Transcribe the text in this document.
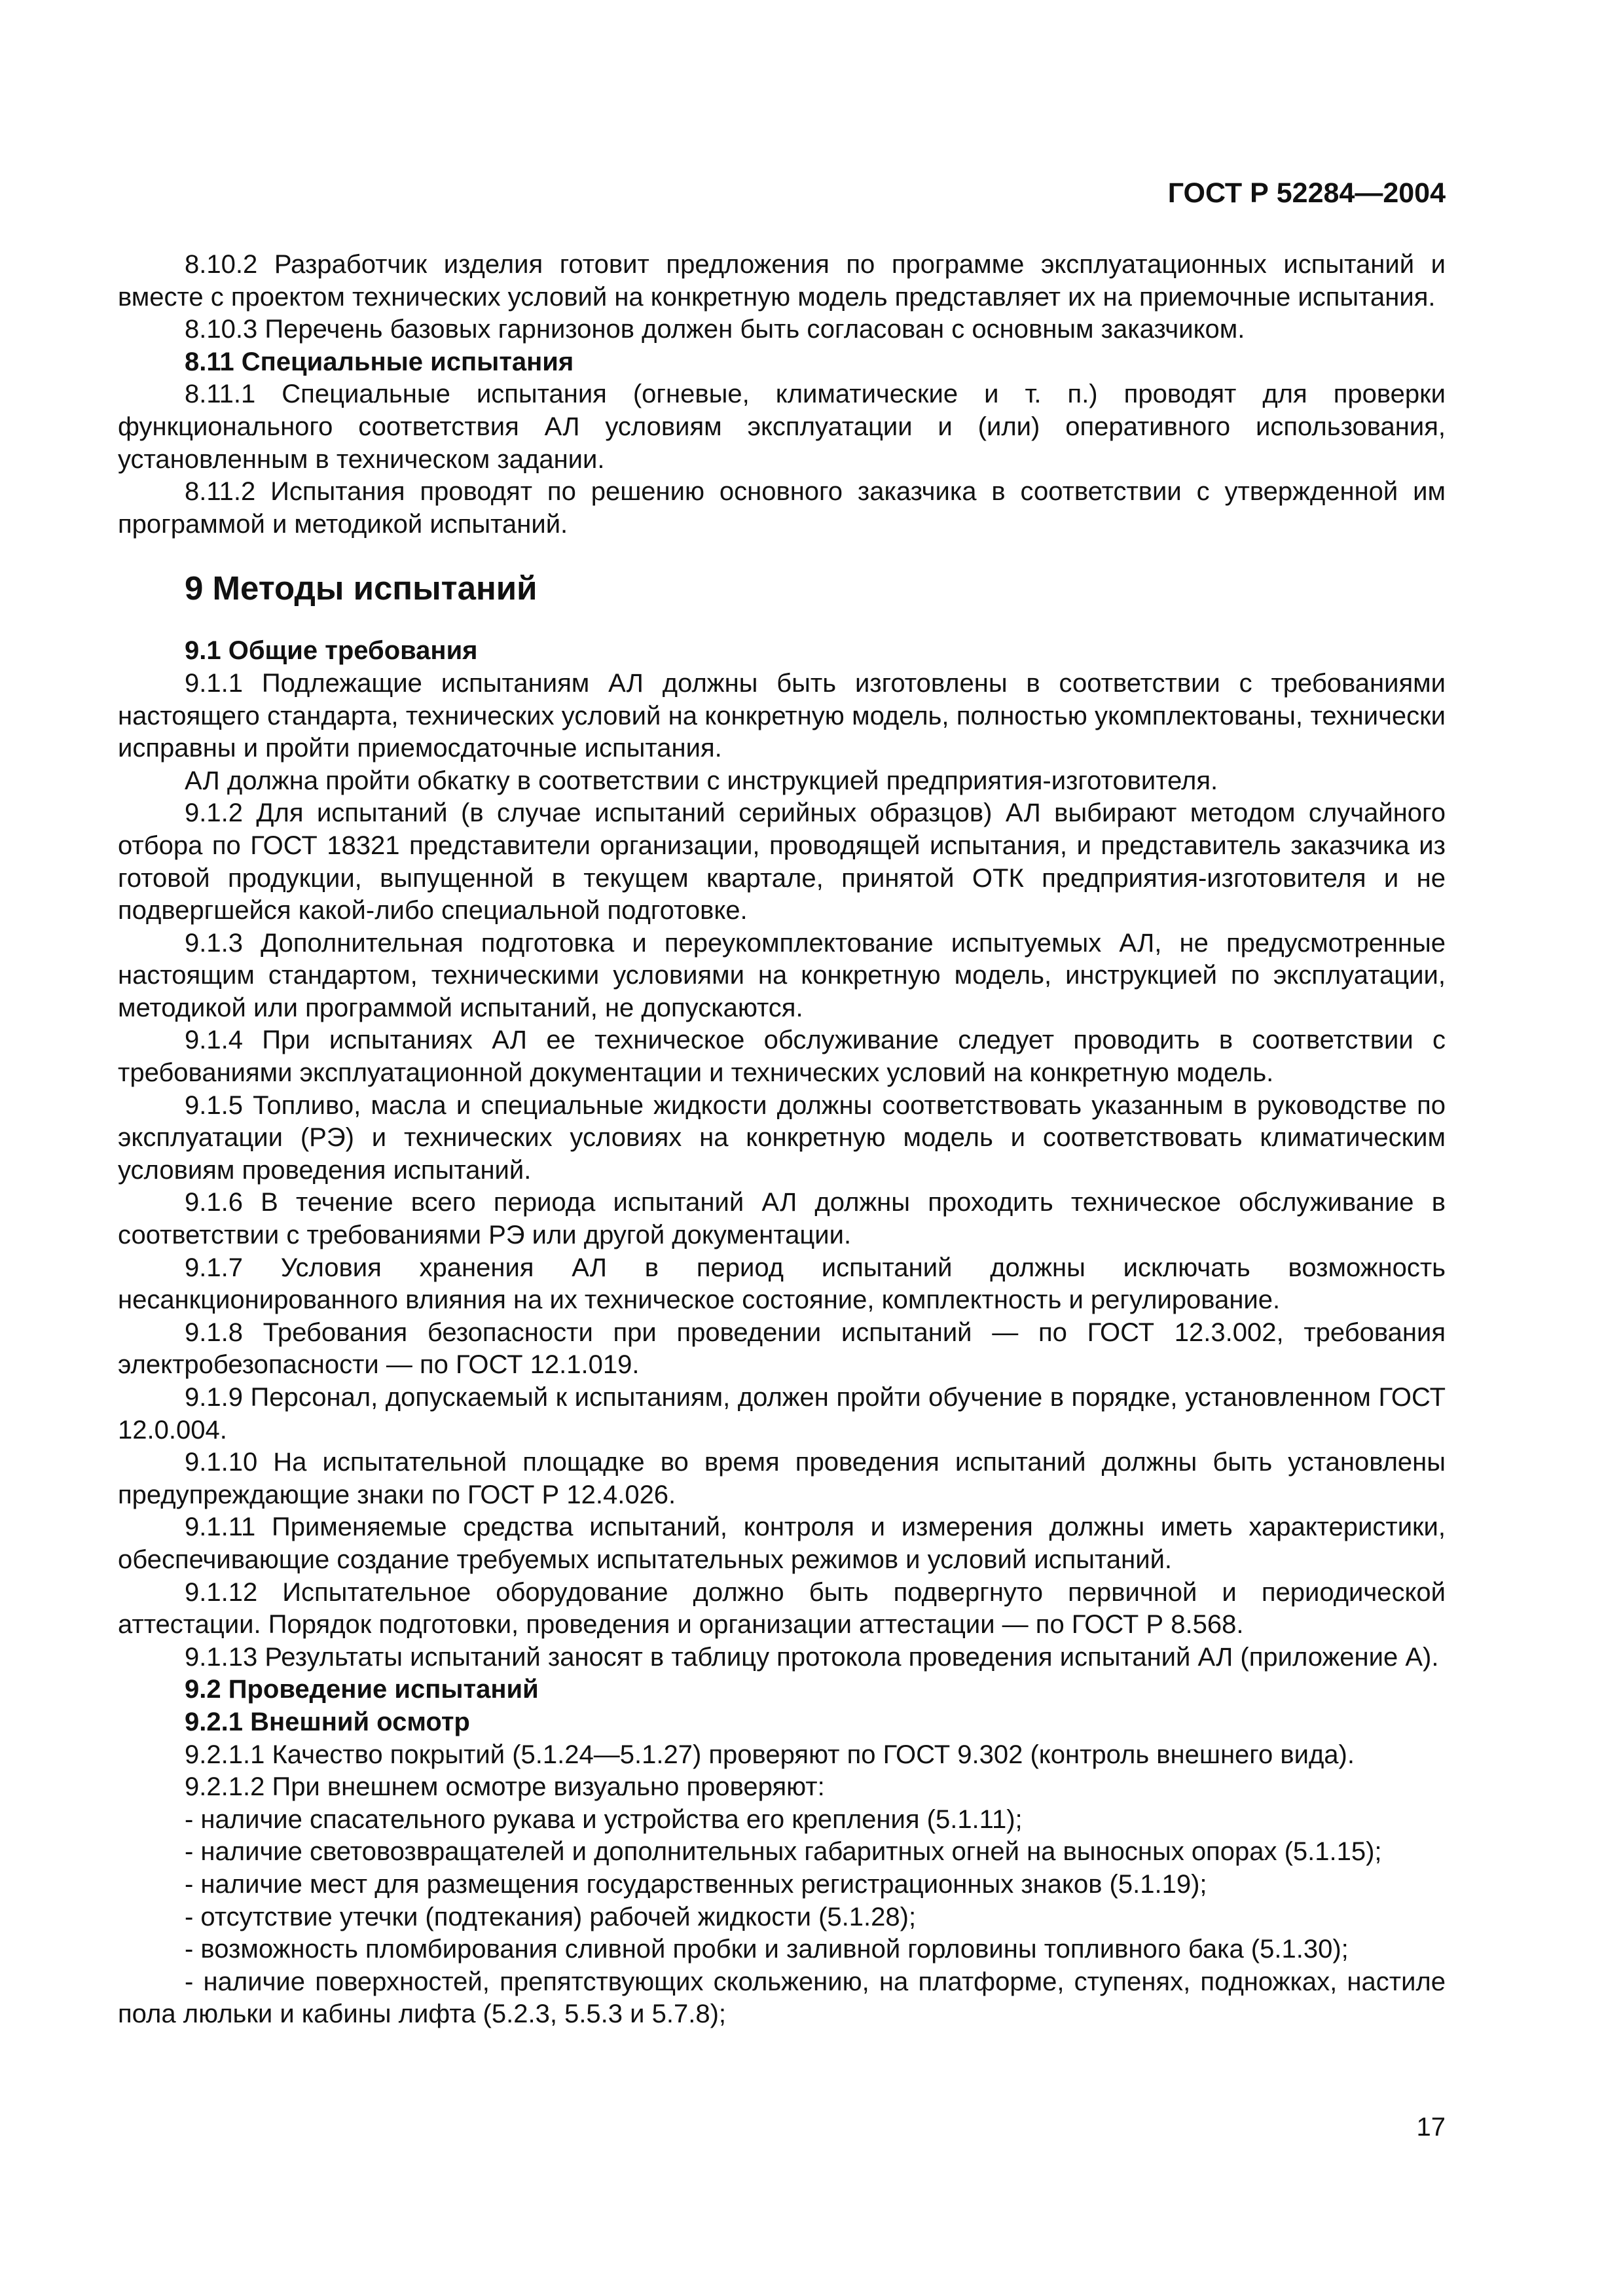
ГОСТ Р 52284—2004

8.10.2 Разработчик изделия готовит предложения по программе эксплуатационных испытаний и вместе с проектом технических условий на конкретную модель представляет их на приемочные испытания.

8.10.3 Перечень базовых гарнизонов должен быть согласован с основным заказчиком.

8.11 Специальные испытания

8.11.1 Специальные испытания (огневые, климатические и т. п.) проводят для проверки функционального соответствия АЛ условиям эксплуатации и (или) оперативного использования, установленным в техническом задании.

8.11.2 Испытания проводят по решению основного заказчика в соответствии с утвержденной им программой и методикой испытаний.

9 Методы испытаний

9.1 Общие требования

9.1.1 Подлежащие испытаниям АЛ должны быть изготовлены в соответствии с требованиями настоящего стандарта, технических условий на конкретную модель, полностью укомплектованы, технически исправны и пройти приемосдаточные испытания.

АЛ должна пройти обкатку в соответствии с инструкцией предприятия-изготовителя.

9.1.2 Для испытаний (в случае испытаний серийных образцов) АЛ выбирают методом случайного отбора по ГОСТ 18321 представители организации, проводящей испытания, и представитель заказчика из готовой продукции, выпущенной в текущем квартале, принятой ОТК предприятия-изготовителя и не подвергшейся какой-либо специальной подготовке.

9.1.3 Дополнительная подготовка и переукомплектование испытуемых АЛ, не предусмотренные настоящим стандартом, техническими условиями на конкретную модель, инструкцией по эксплуатации, методикой или программой испытаний, не допускаются.

9.1.4 При испытаниях АЛ ее техническое обслуживание следует проводить в соответствии с требованиями эксплуатационной документации и технических условий на конкретную модель.

9.1.5 Топливо, масла и специальные жидкости должны соответствовать указанным в руководстве по эксплуатации (РЭ) и технических условиях на конкретную модель и соответствовать климатическим условиям проведения испытаний.

9.1.6 В течение всего периода испытаний АЛ должны проходить техническое обслуживание в соответствии с требованиями РЭ или другой документации.

9.1.7 Условия хранения АЛ в период испытаний должны исключать возможность несанкционированного влияния на их техническое состояние, комплектность и регулирование.

9.1.8 Требования безопасности при проведении испытаний — по ГОСТ 12.3.002, требования электробезопасности — по ГОСТ 12.1.019.

9.1.9 Персонал, допускаемый к испытаниям, должен пройти обучение в порядке, установленном ГОСТ 12.0.004.

9.1.10 На испытательной площадке во время проведения испытаний должны быть установлены предупреждающие знаки по ГОСТ Р 12.4.026.

9.1.11 Применяемые средства испытаний, контроля и измерения должны иметь характеристики, обеспечивающие создание требуемых испытательных режимов и условий испытаний.

9.1.12 Испытательное оборудование должно быть подвергнуто первичной и периодической аттестации. Порядок подготовки, проведения и организации аттестации — по ГОСТ Р 8.568.

9.1.13 Результаты испытаний заносят в таблицу протокола проведения испытаний АЛ (приложение А).

9.2 Проведение испытаний

9.2.1 Внешний осмотр

9.2.1.1 Качество покрытий (5.1.24—5.1.27) проверяют по ГОСТ 9.302 (контроль внешнего вида).

9.2.1.2 При внешнем осмотре визуально проверяют:

- наличие спасательного рукава и устройства его крепления (5.1.11);

- наличие световозвращателей и дополнительных габаритных огней на выносных опорах (5.1.15);

- наличие мест для размещения государственных регистрационных знаков (5.1.19);

- отсутствие утечки (подтекания) рабочей жидкости (5.1.28);

- возможность пломбирования сливной пробки и заливной горловины топливного бака (5.1.30);

- наличие поверхностей, препятствующих скольжению, на платформе, ступенях, подножках, настиле пола люльки и кабины лифта (5.2.3, 5.5.3 и 5.7.8);

17
